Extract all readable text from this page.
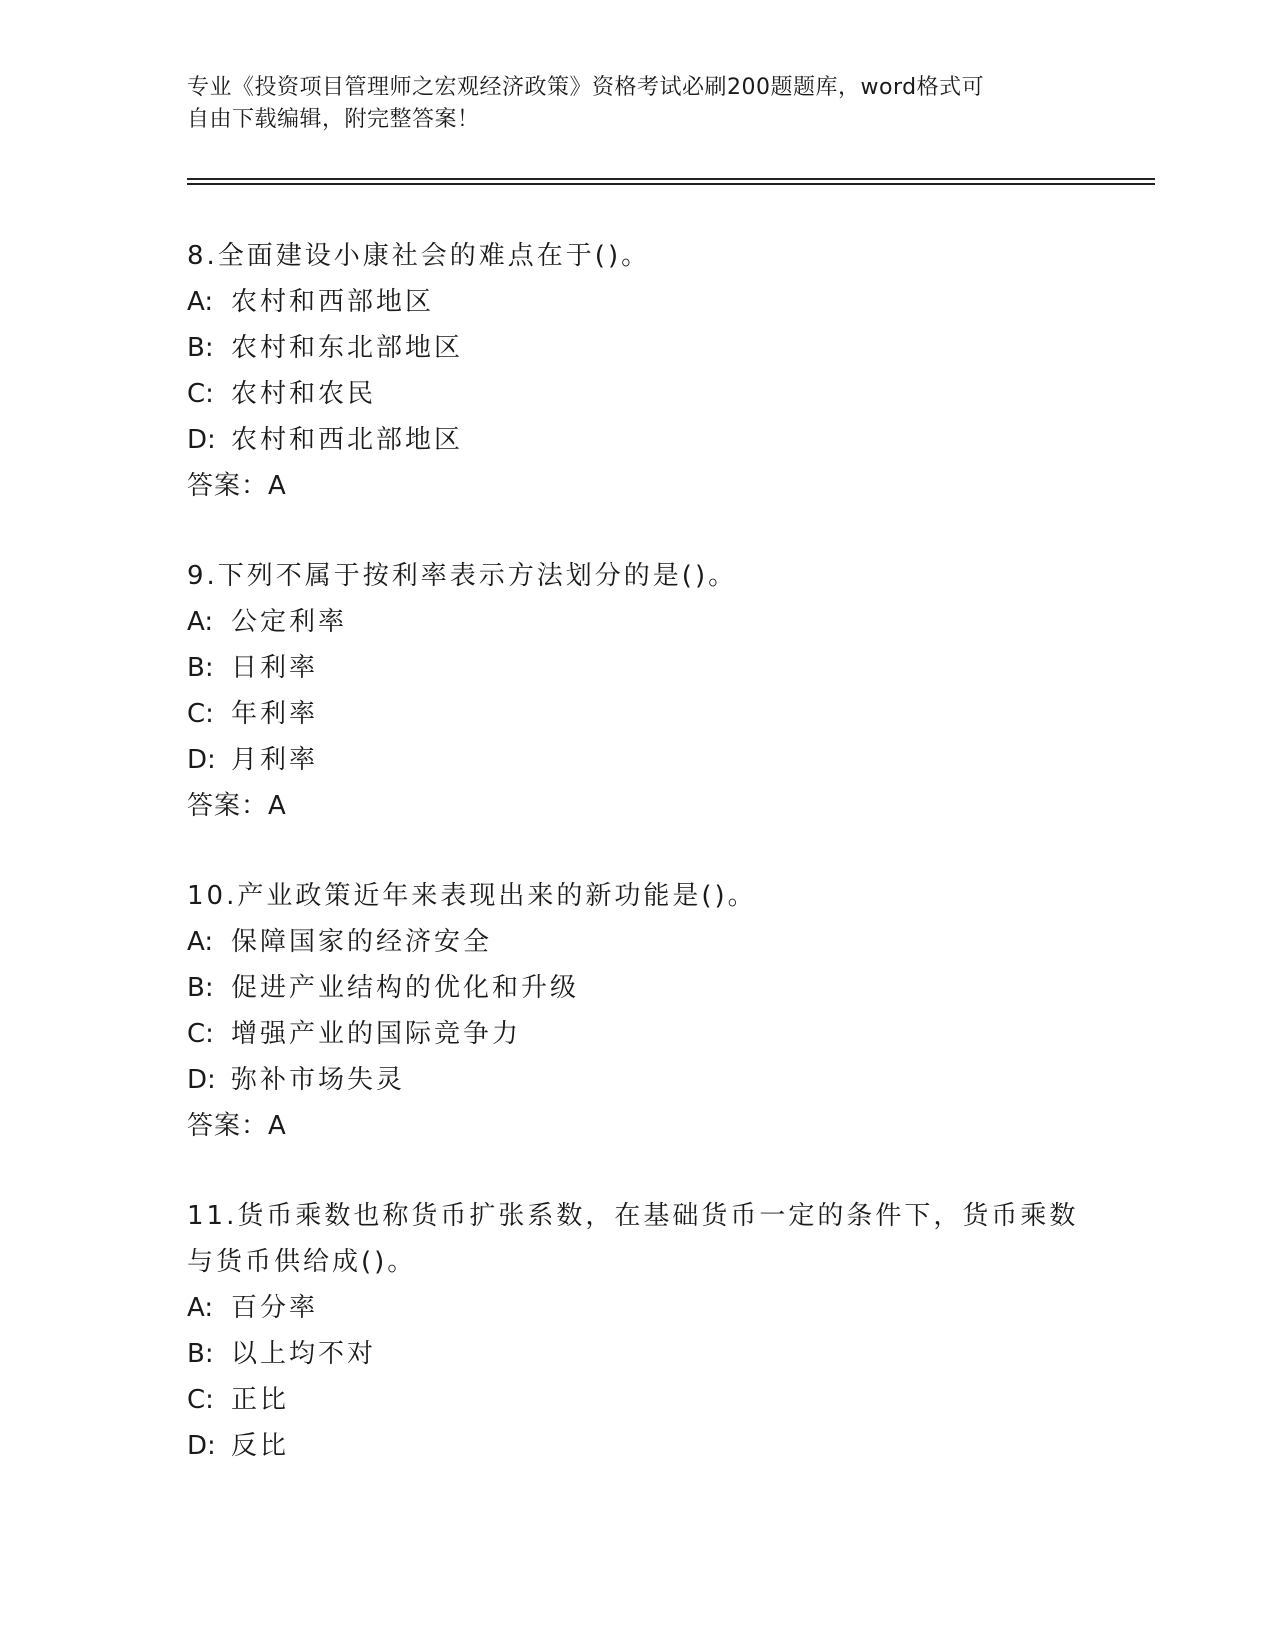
专业《投资项目管理师之宏观经济政策》资格考试必刷200题题库，word格式可
自由下载编辑，附完整答案！

8.全面建设小康社会的难点在于()。

A: 农村和西部地区

B: 农村和东北部地区

C: 农村和农民

D: 农村和西北部地区

答案：A

9.下列不属于按利率表示方法划分的是()。

A: 公定利率

B: 日利率

C: 年利率

D: 月利率

答案：A

10.产业政策近年来表现出来的新功能是()。

A: 保障国家的经济安全

B: 促进产业结构的优化和升级

C: 增强产业的国际竞争力

D: 弥补市场失灵

答案：A

11.货币乘数也称货币扩张系数，在基础货币一定的条件下，货币乘数

与货币供给成()。

A: 百分率

B: 以上均不对

C: 正比

D: 反比
